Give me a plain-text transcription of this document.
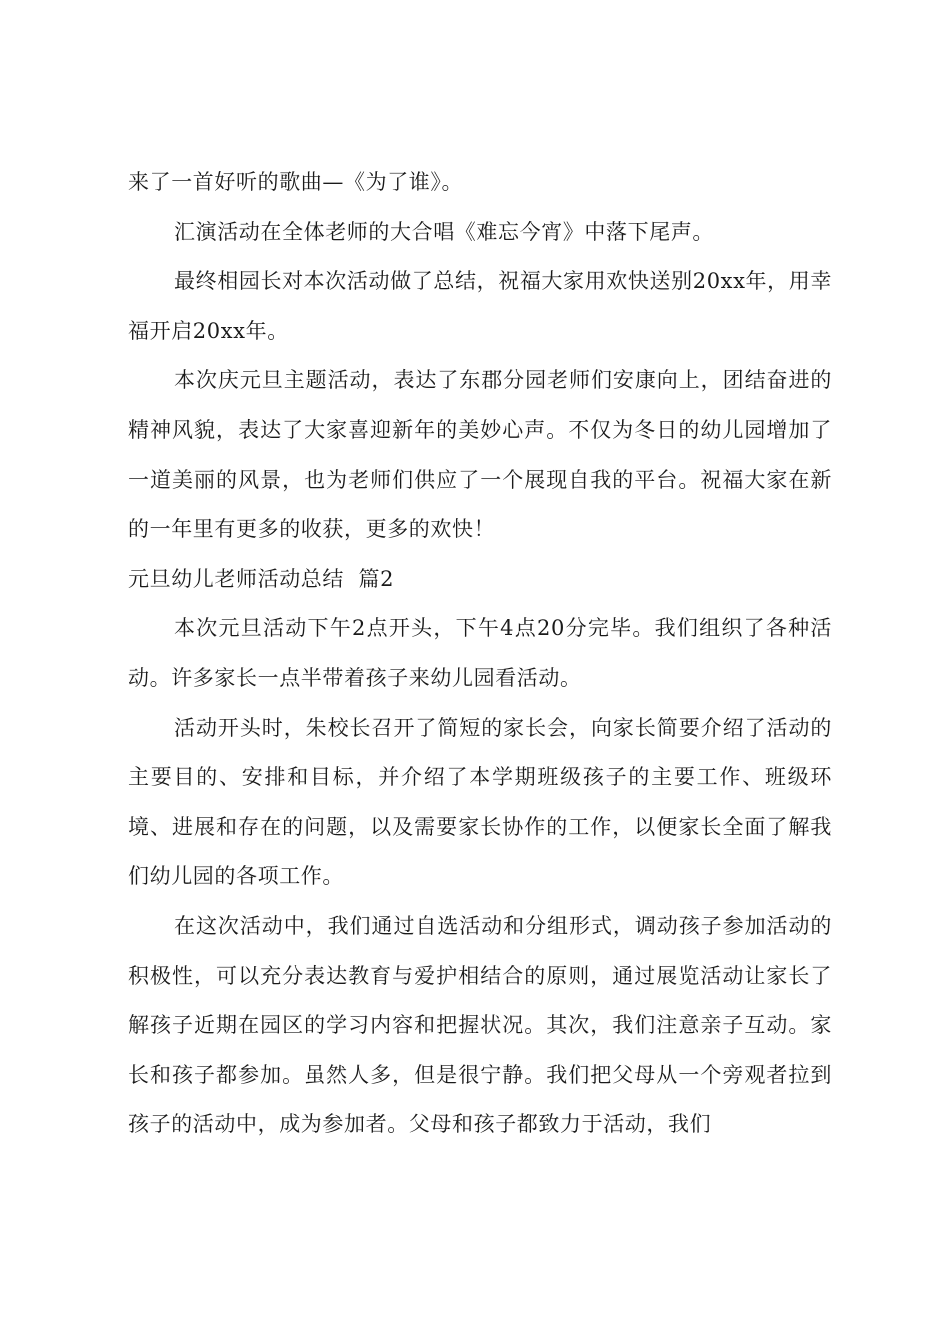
来了一首好听的歌曲—《为了谁》。

汇演活动在全体老师的大合唱《难忘今宵》中落下尾声。

最终相园长对本次活动做了总结，祝福大家用欢快送别20xx年，用幸福开启20xx年。

本次庆元旦主题活动，表达了东郡分园老师们安康向上，团结奋进的精神风貌，表达了大家喜迎新年的美妙心声。不仅为冬日的幼儿园增加了一道美丽的风景，也为老师们供应了一个展现自我的平台。祝福大家在新的一年里有更多的收获，更多的欢快！

元旦幼儿老师活动总结  篇2

本次元旦活动下午2点开头，下午4点20分完毕。我们组织了各种活动。许多家长一点半带着孩子来幼儿园看活动。

活动开头时，朱校长召开了简短的家长会，向家长简要介绍了活动的主要目的、安排和目标，并介绍了本学期班级孩子的主要工作、班级环境、进展和存在的问题，以及需要家长协作的工作，以便家长全面了解我们幼儿园的各项工作。

在这次活动中，我们通过自选活动和分组形式，调动孩子参加活动的积极性，可以充分表达教育与爱护相结合的原则，通过展览活动让家长了解孩子近期在园区的学习内容和把握状况。其次，我们注意亲子互动。家长和孩子都参加。虽然人多，但是很宁静。我们把父母从一个旁观者拉到孩子的活动中，成为参加者。父母和孩子都致力于活动，我们
